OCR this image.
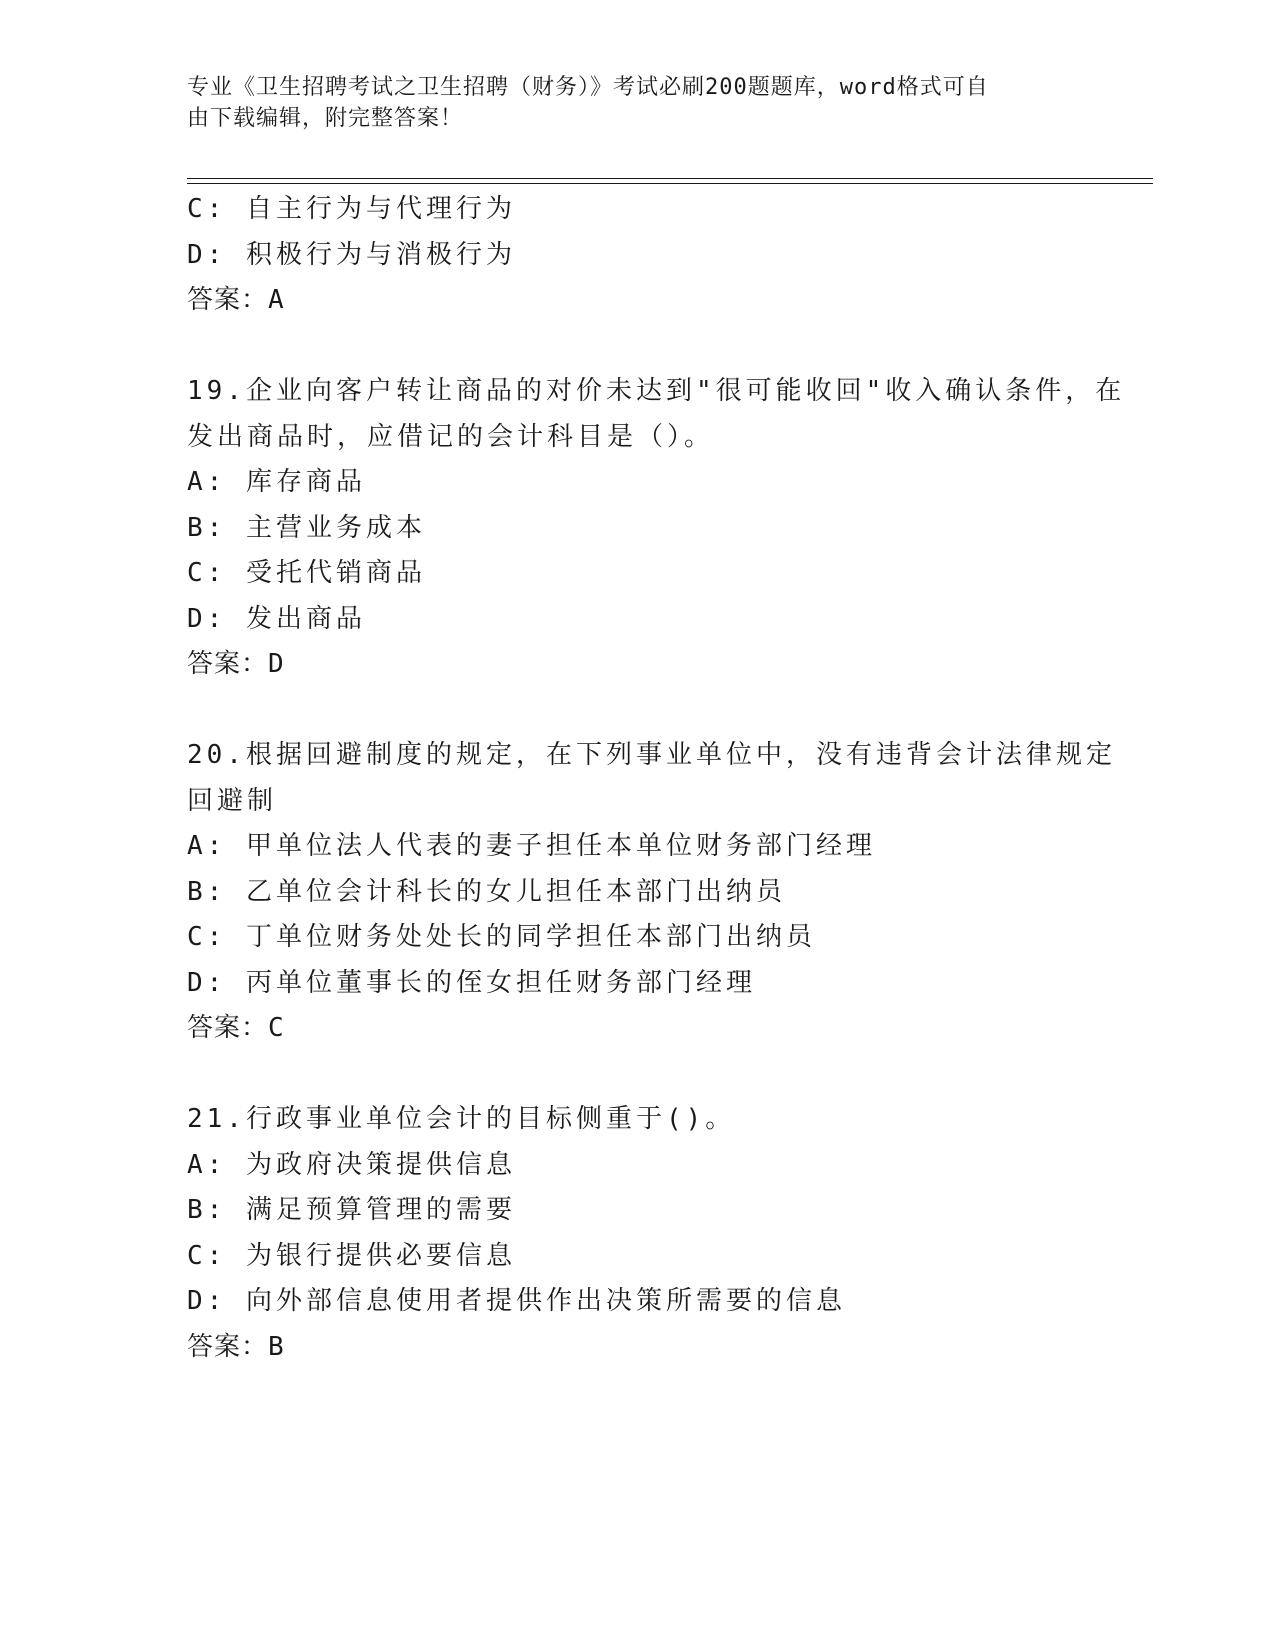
专业《卫生招聘考试之卫生招聘（财务）》考试必刷200题题库，word格式可自
由下载编辑，附完整答案！
C: 自主行为与代理行为
D: 积极行为与消极行为
答案：A
19.企业向客户转让商品的对价未达到"很可能收回"收入确认条件，在
发出商品时，应借记的会计科目是（）。
A: 库存商品
B: 主营业务成本
C: 受托代销商品
D: 发出商品
答案：D
20.根据回避制度的规定，在下列事业单位中，没有违背会计法律规定
回避制
A: 甲单位法人代表的妻子担任本单位财务部门经理
B: 乙单位会计科长的女儿担任本部门出纳员
C: 丁单位财务处处长的同学担任本部门出纳员
D: 丙单位董事长的侄女担任财务部门经理
答案：C
21.行政事业单位会计的目标侧重于()。
A: 为政府决策提供信息
B: 满足预算管理的需要
C: 为银行提供必要信息
D: 向外部信息使用者提供作出决策所需要的信息
答案：B
